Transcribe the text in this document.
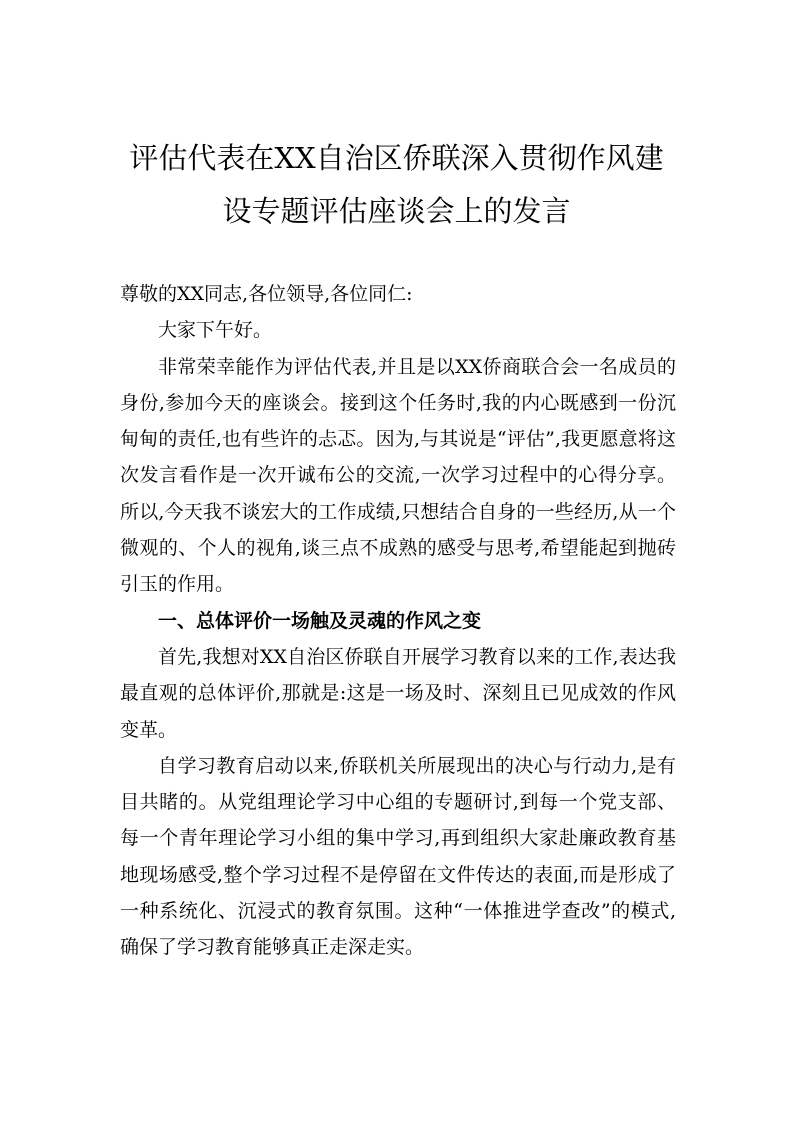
评估代表在XX自治区侨联深入贯彻作风建
设专题评估座谈会上的发言

尊敬的XX同志,各位领导,各位同仁:

大家下午好。

非常荣幸能作为评估代表,并且是以XX侨商联合会一名成员的身份,参加今天的座谈会。接到这个任务时,我的内心既感到一份沉甸甸的责任,也有些许的忐忑。因为,与其说是“评估”,我更愿意将这次发言看作是一次开诚布公的交流,一次学习过程中的心得分享。所以,今天我不谈宏大的工作成绩,只想结合自身的一些经历,从一个微观的、个人的视角,谈三点不成熟的感受与思考,希望能起到抛砖引玉的作用。

一、总体评价一场触及灵魂的作风之变

首先,我想对XX自治区侨联自开展学习教育以来的工作,表达我最直观的总体评价,那就是:这是一场及时、深刻且已见成效的作风变革。

自学习教育启动以来,侨联机关所展现出的决心与行动力,是有目共睹的。从党组理论学习中心组的专题研讨,到每一个党支部、每一个青年理论学习小组的集中学习,再到组织大家赴廉政教育基地现场感受,整个学习过程不是停留在文件传达的表面,而是形成了一种系统化、沉浸式的教育氛围。这种“一体推进学查改”的模式,确保了学习教育能够真正走深走实。
